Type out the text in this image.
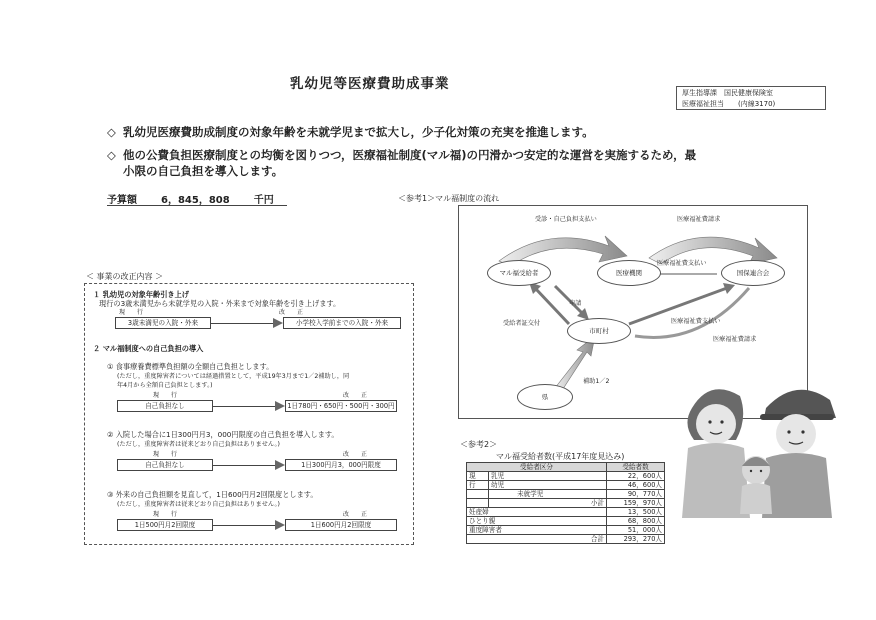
乳幼児等医療費助成事業
厚生指導課　国民健康保険室
医療福祉担当　　(内線3170)
◇ 乳幼児医療費助成制度の対象年齢を未就学児まで拡大し，少子化対策の充実を推進します。
◇ 他の公費負担医療制度との均衡を図りつつ，医療福祉制度(マル福)の円滑かつ安定的な運営を実施するため，最
小限の自己負担を導入します。
予算額 6，845，808 千円
＜ 事業の改正内容 ＞
１ 乳幼児の対象年齢引き上げ
現行の3歳未満児から未就学児の入院・外来まで対象年齢を引き上げます。
現　　行	改　　正
3歳未満児の入院・外来	小学校入学前までの入院・外来
２ マル福制度への自己負担の導入
① 食事療養費標準負担額の全額自己負担とします。
(ただし，重度障害者については経過措置として，平成19年3月まで1／2補助し，同
年4月から全額自己負担とします。)
現　　行	改　　正
自己負担なし	1日780円・650円・500円・300円
② 入院した場合に1日300円月3，000円限度の自己負担を導入します。
(ただし，重度障害者は従来どおり自己負担はありません。)
現　　行	改　　正
自己負担なし	1日300円月3，000円限度
③ 外来の自己負担額を見直して，1日600円月2回限度とします。
(ただし，重度障害者は従来どおり自己負担はありません。)
現　　行	改　　正
1日500円月2回限度	1日600円月2回限度
＜参考1＞マル福制度の流れ
マル福受給者	医療機関	国保連合会
市町村
県
受診・自己負担支払い	医療福祉費請求
医療福祉費支払い
申請
受給者証交付	医療福祉費支払い
医療福祉費請求
補助1／2
＜参考2＞
マル福受給者数(平成17年度見込み)
受給者区分		受給者数
現	乳児	22，600人
行	幼児	46，600人
	未就学児	90，770人
	小計	159，970人
妊産婦		13，500人
ひとり親		68，800人
重度障害者		51，000人
合計		293，270人
